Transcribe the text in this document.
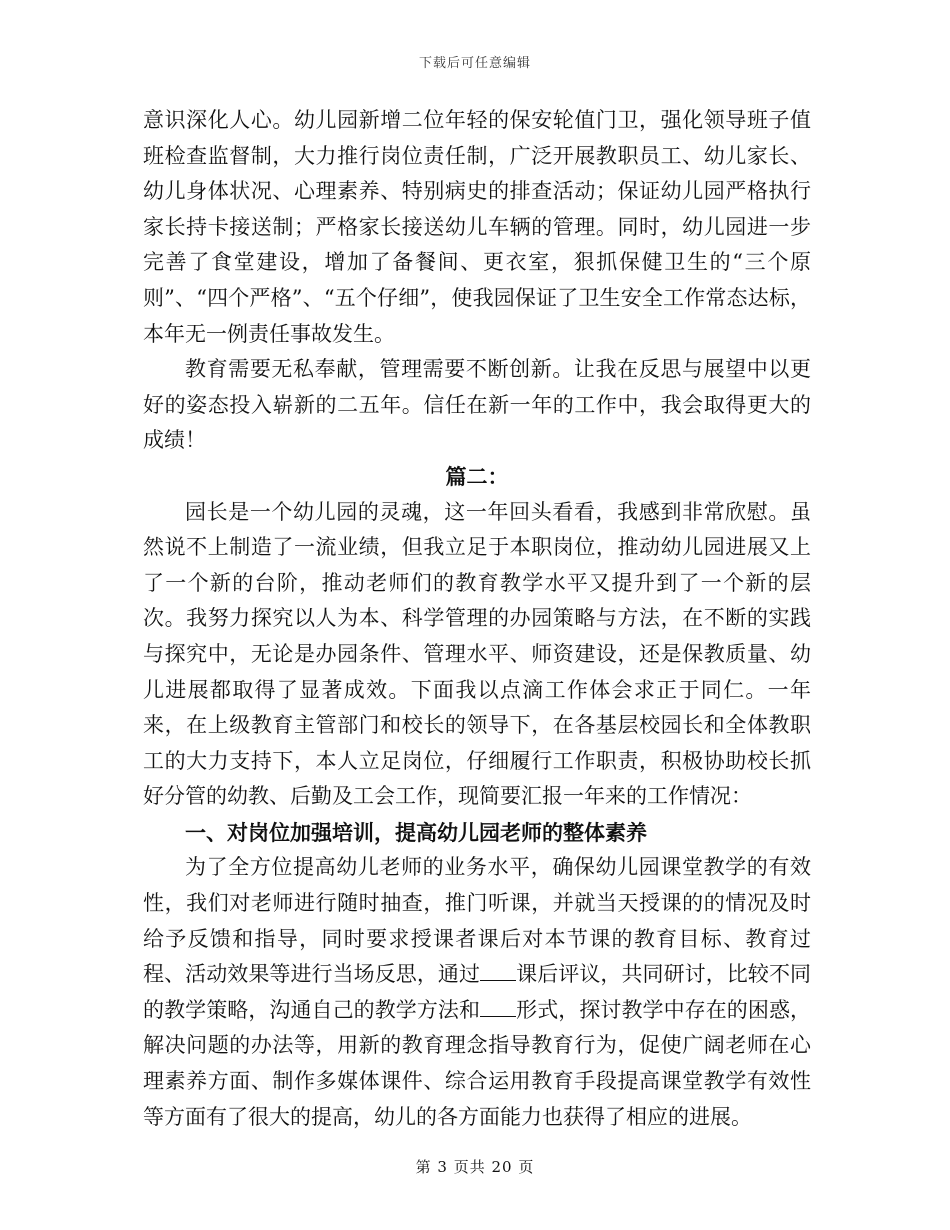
下载后可任意编辑

意识深化人心。幼儿园新增二位年轻的保安轮值门卫，强化领导班子值班检查监督制，大力推行岗位责任制，广泛开展教职员工、幼儿家长、幼儿身体状况、心理素养、特别病史的排查活动；保证幼儿园严格执行家长持卡接送制；严格家长接送幼儿车辆的管理。同时，幼儿园进一步完善了食堂建设，增加了备餐间、更衣室，狠抓保健卫生的“三个原则”、“四个严格”、“五个仔细”，使我园保证了卫生安全工作常态达标，本年无一例责任事故发生。

教育需要无私奉献，管理需要不断创新。让我在反思与展望中以更好的姿态投入崭新的二五年。信任在新一年的工作中，我会取得更大的成绩！

篇二：

园长是一个幼儿园的灵魂，这一年回头看看，我感到非常欣慰。虽然说不上制造了一流业绩，但我立足于本职岗位，推动幼儿园进展又上了一个新的台阶，推动老师们的教育教学水平又提升到了一个新的层次。我努力探究以人为本、科学管理的办园策略与方法，在不断的实践与探究中，无论是办园条件、管理水平、师资建设，还是保教质量、幼儿进展都取得了显著成效。下面我以点滴工作体会求正于同仁。一年来，在上级教育主管部门和校长的领导下，在各基层校园长和全体教职工的大力支持下，本人立足岗位，仔细履行工作职责，积极协助校长抓好分管的幼教、后勤及工会工作，现简要汇报一年来的工作情况：

一、对岗位加强培训，提高幼儿园老师的整体素养

为了全方位提高幼儿老师的业务水平，确保幼儿园课堂教学的有效性，我们对老师进行随时抽查，推门听课，并就当天授课的的情况及时给予反馈和指导，同时要求授课者课后对本节课的教育目标、教育过程、活动效果等进行当场反思，通过 课后评议，共同研讨，比较不同的教学策略，沟通自己的教学方法和 形式，探讨教学中存在的困惑，解决问题的办法等，用新的教育理念指导教育行为，促使广阔老师在心理素养方面、制作多媒体课件、综合运用教育手段提高课堂教学有效性等方面有了很大的提高，幼儿的各方面能力也获得了相应的进展。

第 3 页共 20 页
